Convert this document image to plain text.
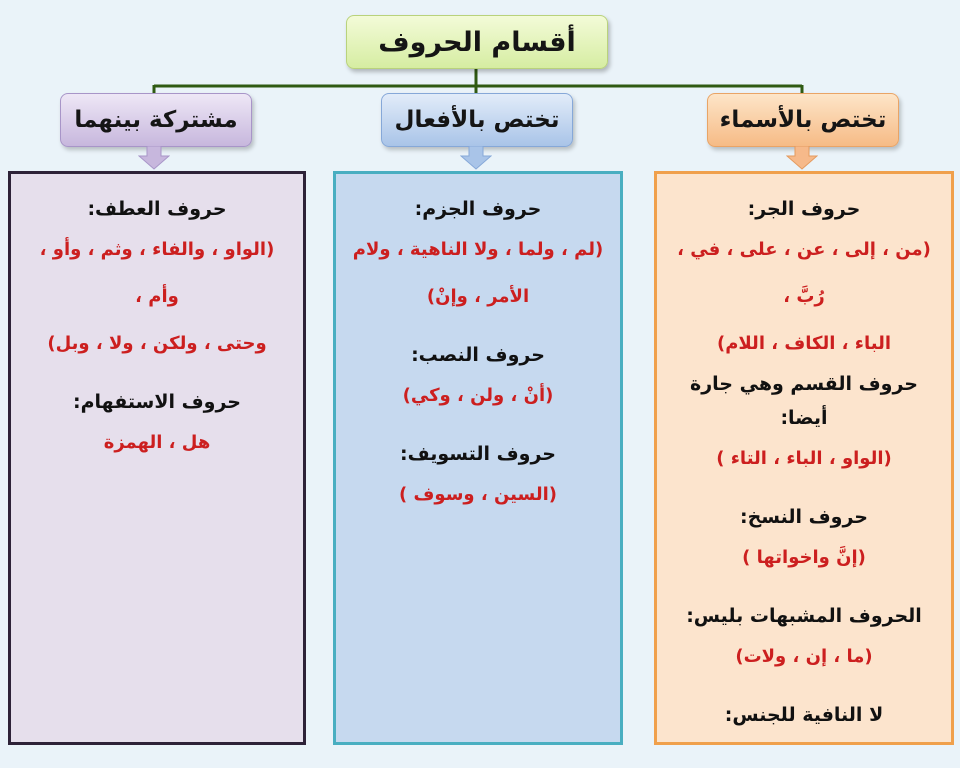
أقسام الحروف
تختص بالأسماء
تختص بالأفعال
مشتركة بينهما
حروف الجر:
(من ، إلى ، عن ، على ، في ، رُبَّ ،
الباء ، الكاف ، اللام)
حروف القسم وهي جارة أيضا:
(الواو ، الباء ، التاء )
حروف النسخ:
(إنَّ واخواتها )
الحروف المشبهات بليس:
(ما ، إن ، ولات)
لا النافية للجنس:
حروف الجزم:
(لم ، ولما ، ولا الناهية ، ولام
الأمر ، وإنْ)
حروف النصب:
(أنْ ، ولن ، وكي)
حروف التسويف:
(السين ، وسوف )
حروف العطف:
(الواو ، والفاء ، وثم ، وأو ، وأم ،
وحتى ، ولكن ، ولا ، وبل)
حروف الاستفهام:
هل ، الهمزة
